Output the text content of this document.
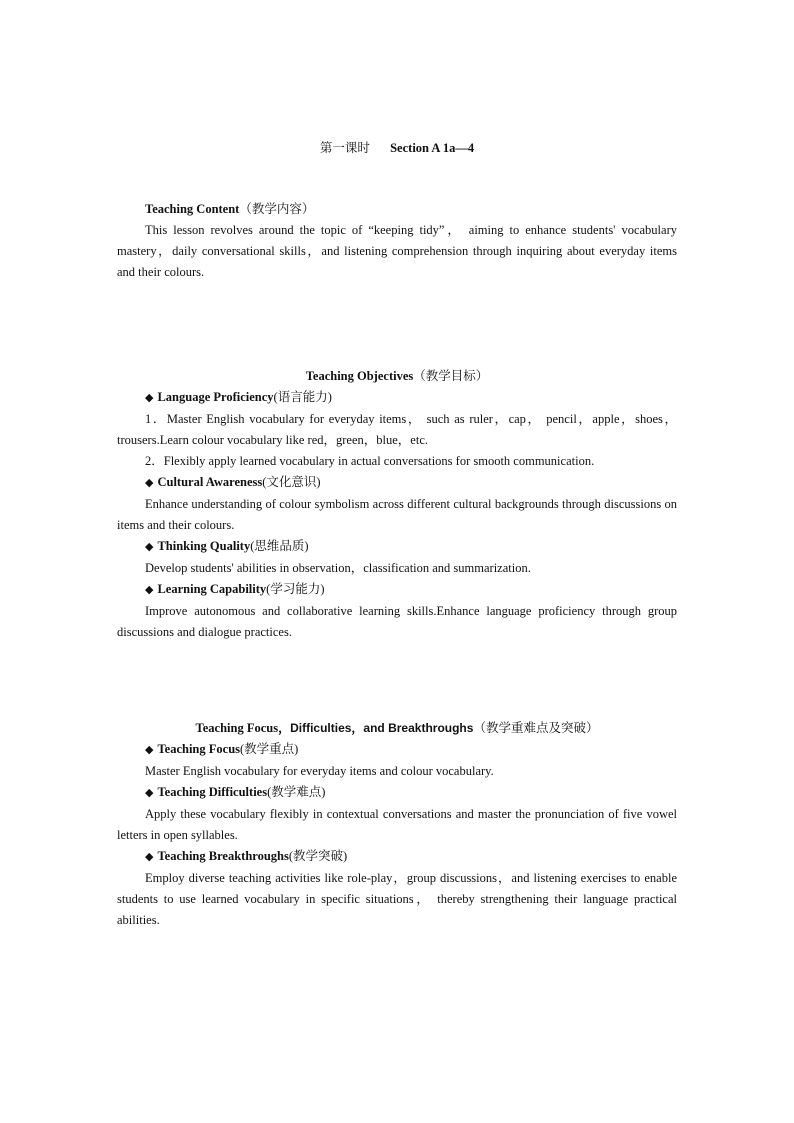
第一课时 Section A 1a—4
Teaching Content（教学内容）

This lesson revolves around the topic of “keeping tidy”， aiming to enhance students' vocabulary mastery，daily conversational skills，and listening comprehension through inquiring about everyday items and their colours.

Teaching Objectives（教学目标）
◆ Language Proficiency(语言能力)

1．Master English vocabulary for everyday items， such as ruler，cap， pencil，apple，shoes，trousers.Learn colour vocabulary like red，green，blue，etc.

2．Flexibly apply learned vocabulary in actual conversations for smooth communication.

◆ Cultural Awareness(文化意识)

Enhance understanding of colour symbolism across different cultural backgrounds through discussions on items and their colours.

◆ Thinking Quality(思维品质)

Develop students' abilities in observation，classification and summarization.

◆ Learning Capability(学习能力)

Improve autonomous and collaborative learning skills.Enhance language proficiency through group discussions and dialogue practices.

Teaching Focus，Difficulties，and Breakthroughs（教学重难点及突破）
◆ Teaching Focus(教学重点)

Master English vocabulary for everyday items and colour vocabulary.

◆ Teaching Difficulties(教学难点)

Apply these vocabulary flexibly in contextual conversations and master the pronunciation of five vowel letters in open syllables.

◆ Teaching Breakthroughs(教学突破)

Employ diverse teaching activities like role-play，group discussions，and listening exercises to enable students to use learned vocabulary in specific situations， thereby strengthening their language practical abilities.
